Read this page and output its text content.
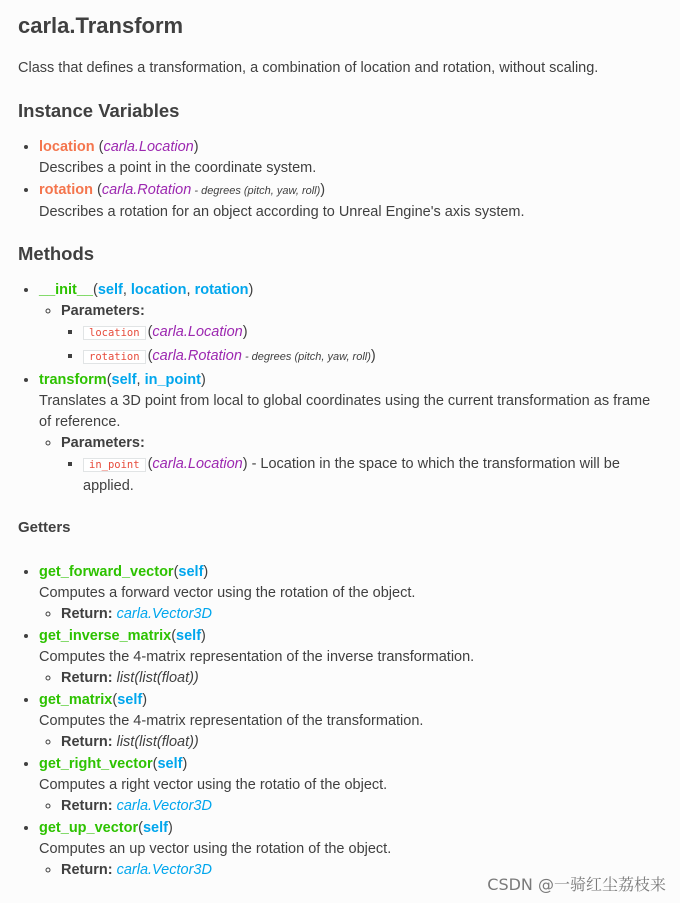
carla.Transform

Class that defines a transformation, a combination of location and rotation, without scaling.

Instance Variables
• location (carla.Location)
Describes a point in the coordinate system.
• rotation (carla.Rotation - degrees (pitch, yaw, roll))
Describes a rotation for an object according to Unreal Engine's axis system.
Methods
• __init__(self, location, rotation)
◦ Parameters:
▪ location (carla.Location)
▪ rotation (carla.Rotation - degrees (pitch, yaw, roll))
• transform(self, in_point)
Translates a 3D point from local to global coordinates using the current transformation as frame of reference.
◦ Parameters:
▪ in_point (carla.Location) - Location in the space to which the transformation will be applied.
Getters
• get_forward_vector(self)
Computes a forward vector using the rotation of the object.
◦ Return: carla.Vector3D
• get_inverse_matrix(self)
Computes the 4-matrix representation of the inverse transformation.
◦ Return: list(list(float))
• get_matrix(self)
Computes the 4-matrix representation of the transformation.
◦ Return: list(list(float))
• get_right_vector(self)
Computes a right vector using the rotatio of the object.
◦ Return: carla.Vector3D
• get_up_vector(self)
Computes an up vector using the rotation of the object.
◦ Return: carla.Vector3D
CSDN @一骑红尘荔枝来
